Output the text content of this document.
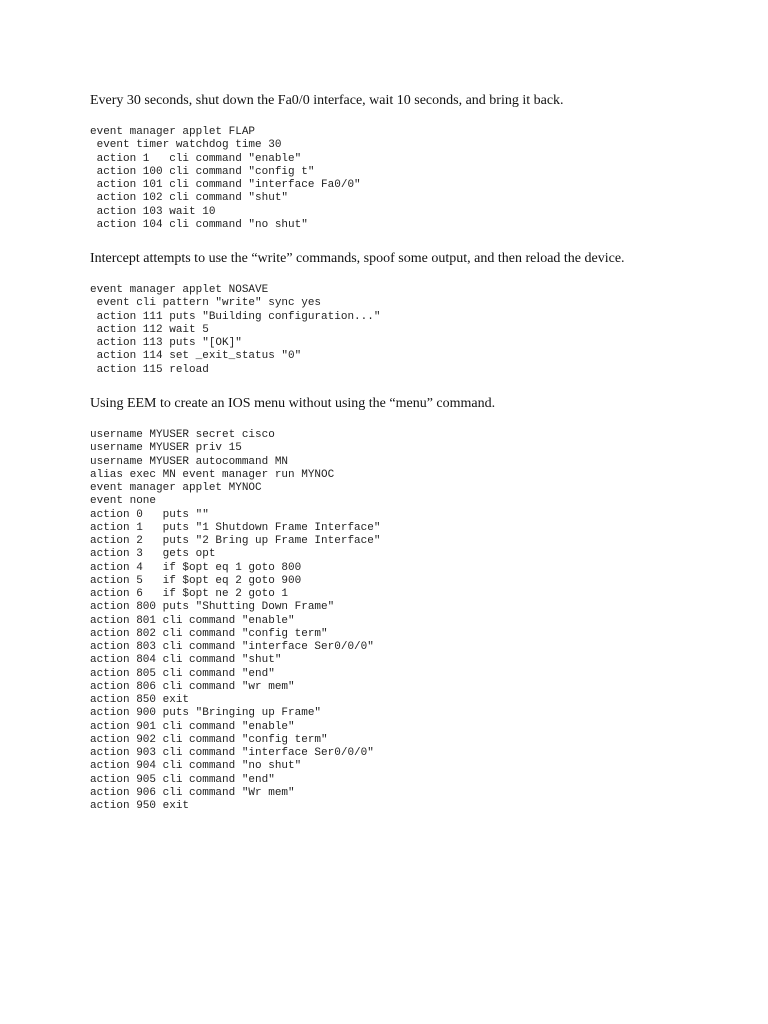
Every 30 seconds, shut down the Fa0/0 interface, wait 10 seconds, and bring it back.

event manager applet FLAP
event timer watchdog time 30
action 1   cli command "enable"
action 100 cli command "config t"
action 101 cli command "interface Fa0/0"
action 102 cli command "shut"
action 103 wait 10
action 104 cli command "no shut"

Intercept attempts to use the “write” commands, spoof some output, and then reload the device.

event manager applet NOSAVE
event cli pattern "write" sync yes
action 111 puts "Building configuration..."
action 112 wait 5
action 113 puts "[OK]"
action 114 set _exit_status "0"
action 115 reload

Using EEM to create an IOS menu without using the “menu” command.

username MYUSER secret cisco
username MYUSER priv 15
username MYUSER autocommand MN
alias exec MN event manager run MYNOC
event manager applet MYNOC
event none
action 0   puts ""
action 1   puts "1 Shutdown Frame Interface"
action 2   puts "2 Bring up Frame Interface"
action 3   gets opt
action 4   if $opt eq 1 goto 800
action 5   if $opt eq 2 goto 900
action 6   if $opt ne 2 goto 1
action 800 puts "Shutting Down Frame"
action 801 cli command "enable"
action 802 cli command "config term"
action 803 cli command "interface Ser0/0/0"
action 804 cli command "shut"
action 805 cli command "end"
action 806 cli command "wr mem"
action 850 exit
action 900 puts "Bringing up Frame"
action 901 cli command "enable"
action 902 cli command "config term"
action 903 cli command "interface Ser0/0/0"
action 904 cli command "no shut"
action 905 cli command "end"
action 906 cli command "Wr mem"
action 950 exit
